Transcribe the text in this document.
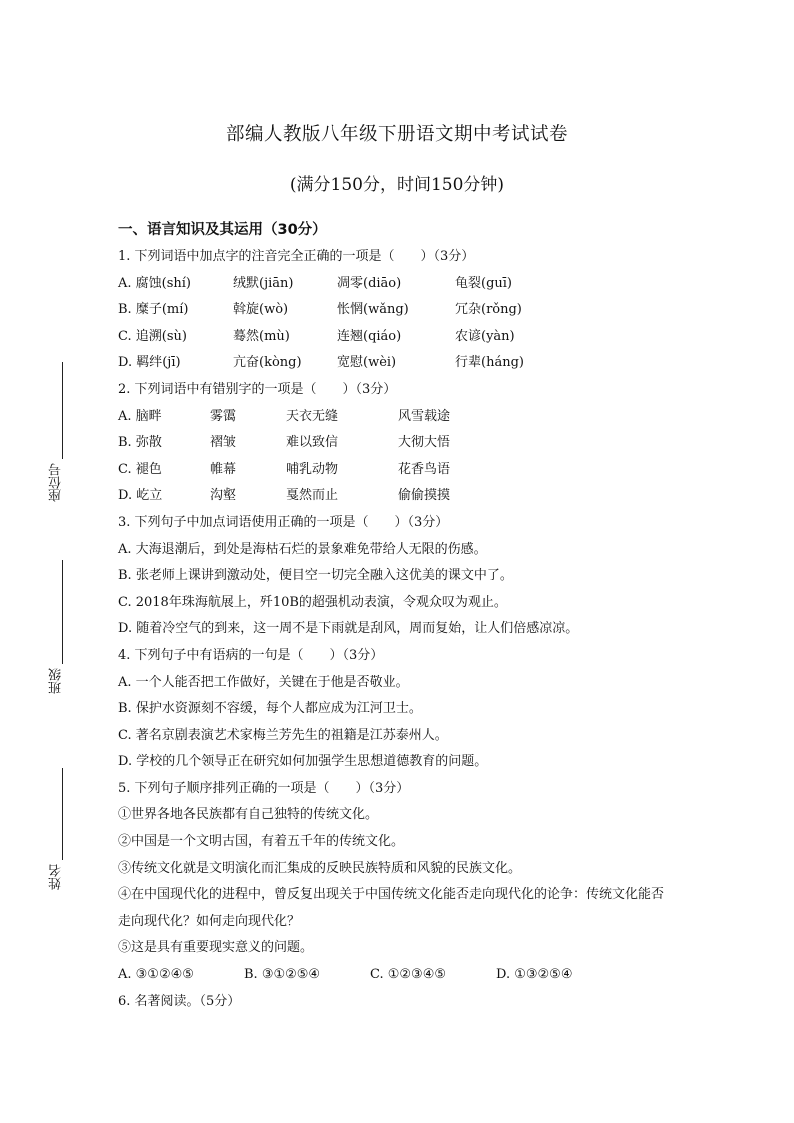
座位号
班级
姓名
部编人教版八年级下册语文期中考试试卷
(满分150分，时间150分钟)
一、语言知识及其运用（30分）
1. 下列词语中加点字的注音完全正确的一项是（　　）（3分）
A. 腐蚀(shí)	绒默(jiān)	凋零(diāo)	龟裂(guī)
B. 糜子(mí)	斡旋(wò)	怅惘(wǎng)	冗杂(rǒng)
C. 追溯(sù)	蓦然(mù)	连翘(qiáo)	农谚(yàn)
D. 羁绊(jī)	亢奋(kòng)	宽慰(wèi)	行辈(háng)
2. 下列词语中有错别字的一项是（　　）（3分）
A. 脑畔	雾霭	天衣无缝	风雪载途
B. 弥散	褶皱	难以致信	大彻大悟
C. 褪色	帷幕	哺乳动物	花香鸟语
D. 屹立	沟壑	戛然而止	偷偷摸摸
3. 下列句子中加点词语使用正确的一项是（　　）（3分）
A. 大海退潮后，到处是海枯石烂的景象难免带给人无限的伤感。
B. 张老师上课讲到激动处，便目空一切完全融入这优美的课文中了。
C. 2018年珠海航展上，歼10B的超强机动表演，令观众叹为观止。
D. 随着冷空气的到来，这一周不是下雨就是刮风，周而复始，让人们倍感凉凉。
4. 下列句子中有语病的一句是（　　）（3分）
A. 一个人能否把工作做好，关键在于他是否敬业。
B. 保护水资源刻不容缓，每个人都应成为江河卫士。
C. 著名京剧表演艺术家梅兰芳先生的祖籍是江苏泰州人。
D. 学校的几个领导正在研究如何加强学生思想道德教育的问题。
5. 下列句子顺序排列正确的一项是（　　）（3分）
①世界各地各民族都有自己独特的传统文化。
②中国是一个文明古国，有着五千年的传统文化。
③传统文化就是文明演化而汇集成的反映民族特质和风貌的民族文化。
④在中国现代化的进程中，曾反复出现关于中国传统文化能否走向现代化的论争：传统文化能否
走向现代化？如何走向现代化？
⑤这是具有重要现实意义的问题。
A. ③①②④⑤	B. ③①②⑤④	C. ①②③④⑤	D. ①③②⑤④
6. 名著阅读。（5分）
